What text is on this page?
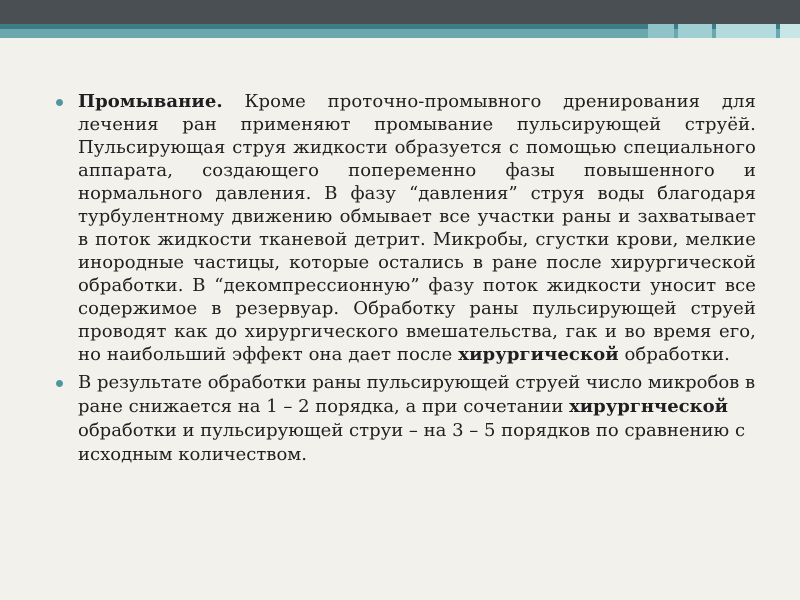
Промывание. Кроме проточно-промывного дренирования для лечения ран применяют промывание пульсирующей струёй. Пульсирующая струя жидкости образуется с помощью специального аппарата, создающего попеременно фазы повышенного и нормального давления. В фазу “давления” струя воды благодаря турбулентному движению обмывает все участки раны и захватывает в поток жидкости тканевой детрит. Микробы, сгустки крови, мелкие инородные частицы, которые остались в ране после хирургической обработки. В “декомпрессионную” фазу поток жидкости уносит все содержимое в резервуар. Обработку раны пульсирующей струей проводят как до хирургического вмешательства, гак и во время его, но наибольший эффект она дает после хирургической обработки.
В результате обработки раны пульсирующей струей число микробов в ране снижается на 1 – 2 порядка, а при сочетании хирургнческой обработки и пульсирующей струи – на 3 – 5 порядков по сравнению с исходным количеством.
